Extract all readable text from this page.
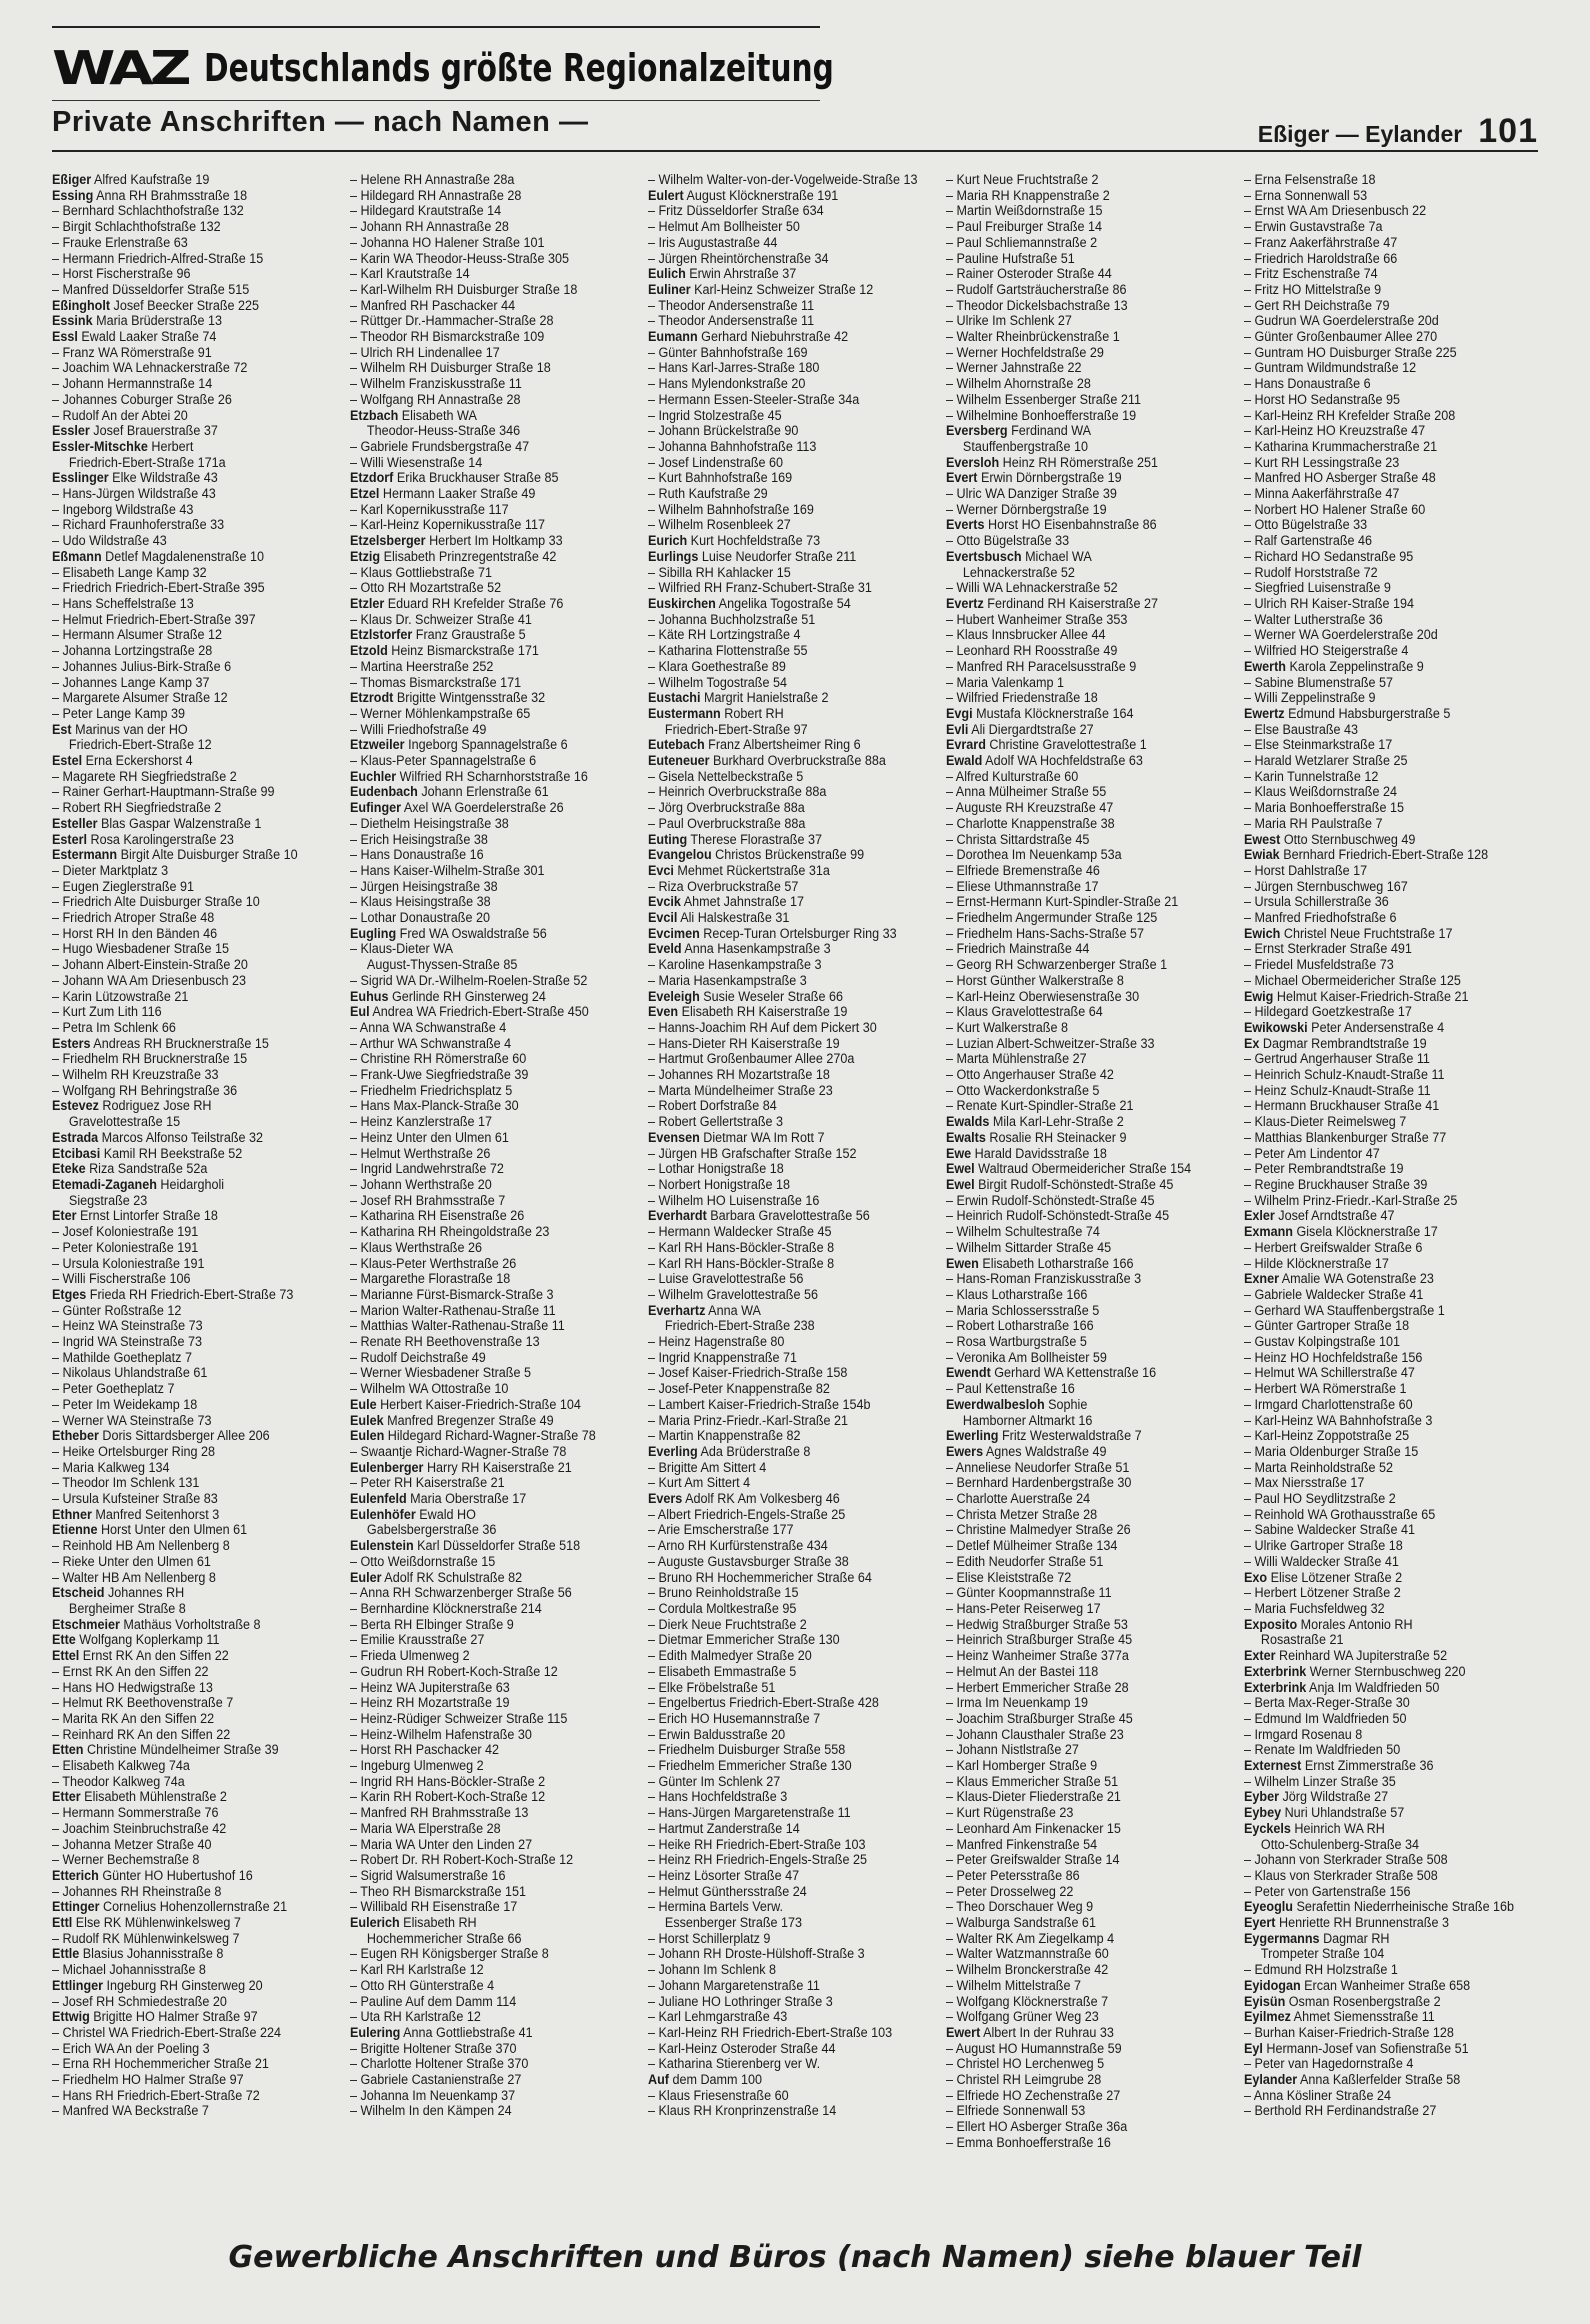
WAZ Deutschlands größte Regionalzeitung
Private Anschriften — nach Namen —	Eßiger — Eylander 101
Eßiger Alfred Kaufstraße 19
Essing Anna RH Brahmsstraße 18
– Bernhard Schlachthofstraße 132
– Birgit Schlachthofstraße 132
– Frauke Erlenstraße 63
– Hermann Friedrich-Alfred-Straße 15
– Horst Fischerstraße 96
– Manfred Düsseldorfer Straße 515
Eßingholt Josef Beecker Straße 225
Essink Maria Brüderstraße 13
Essl Ewald Laaker Straße 74
– Franz WA Römerstraße 91
– Joachim WA Lehnackerstraße 72
– Johann Hermannstraße 14
– Johannes Coburger Straße 26
– Rudolf An der Abtei 20
Essler Josef Brauerstraße 37
Essler-Mitschke Herbert
Friedrich-Ebert-Straße 171a
Esslinger Elke Wildstraße 43
– Hans-Jürgen Wildstraße 43
– Ingeborg Wildstraße 43
– Richard Fraunhoferstraße 33
– Udo Wildstraße 43
Eßmann Detlef Magdalenenstraße 10
– Elisabeth Lange Kamp 32
– Friedrich Friedrich-Ebert-Straße 395
– Hans Scheffelstraße 13
– Helmut Friedrich-Ebert-Straße 397
– Hermann Alsumer Straße 12
– Johanna Lortzingstraße 28
– Johannes Julius-Birk-Straße 6
– Johannes Lange Kamp 37
– Margarete Alsumer Straße 12
– Peter Lange Kamp 39
Est Marinus van der HO
Friedrich-Ebert-Straße 12
Estel Erna Eckershorst 4
– Magarete RH Siegfriedstraße 2
– Rainer Gerhart-Hauptmann-Straße 99
– Robert RH Siegfriedstraße 2
Esteller Blas Gaspar Walzenstraße 1
Esterl Rosa Karolingerstraße 23
Estermann Birgit Alte Duisburger Straße 10
– Dieter Marktplatz 3
– Eugen Zieglerstraße 91
– Friedrich Alte Duisburger Straße 10
– Friedrich Atroper Straße 48
– Horst RH In den Bänden 46
– Hugo Wiesbadener Straße 15
– Johann Albert-Einstein-Straße 20
– Johann WA Am Driesenbusch 23
– Karin Lützowstraße 21
– Kurt Zum Lith 116
– Petra Im Schlenk 66
Esters Andreas RH Brucknerstraße 15
– Friedhelm RH Brucknerstraße 15
– Wilhelm RH Kreuzstraße 33
– Wolfgang RH Behringstraße 36
Estevez Rodriguez Jose RH
Gravelottestraße 15
Estrada Marcos Alfonso Teilstraße 32
Etcibasi Kamil RH Beekstraße 52
Eteke Riza Sandstraße 52a
Etemadi-Zaganeh Heidargholi
Siegstraße 23
Eter Ernst Lintorfer Straße 18
– Josef Koloniestraße 191
– Peter Koloniestraße 191
– Ursula Koloniestraße 191
– Willi Fischerstraße 106
Etges Frieda RH Friedrich-Ebert-Straße 73
– Günter Roßstraße 12
– Heinz WA Steinstraße 73
– Ingrid WA Steinstraße 73
– Mathilde Goetheplatz 7
– Nikolaus Uhlandstraße 61
– Peter Goetheplatz 7
– Peter Im Weidekamp 18
– Werner WA Steinstraße 73
Etheber Doris Sittardsberger Allee 206
– Heike Ortelsburger Ring 28
– Maria Kalkweg 134
– Theodor Im Schlenk 131
– Ursula Kufsteiner Straße 83
Ethner Manfred Seitenhorst 3
Etienne Horst Unter den Ulmen 61
– Reinhold HB Am Nellenberg 8
– Rieke Unter den Ulmen 61
– Walter HB Am Nellenberg 8
Etscheid Johannes RH
Bergheimer Straße 8
Etschmeier Mathäus Vorholtstraße 8
Ette Wolfgang Koplerkamp 11
Ettel Ernst RK An den Siffen 22
– Ernst RK An den Siffen 22
– Hans HO Hedwigstraße 13
– Helmut RK Beethovenstraße 7
– Marita RK An den Siffen 22
– Reinhard RK An den Siffen 22
Etten Christine Mündelheimer Straße 39
– Elisabeth Kalkweg 74a
– Theodor Kalkweg 74a
Etter Elisabeth Mühlenstraße 2
– Hermann Sommerstraße 76
– Joachim Steinbruchstraße 42
– Johanna Metzer Straße 40
– Werner Bechemstraße 8
Etterich Günter HO Hubertushof 16
– Johannes RH Rheinstraße 8
Ettinger Cornelius Hohenzollernstraße 21
Ettl Else RK Mühlenwinkelsweg 7
– Rudolf RK Mühlenwinkelsweg 7
Ettle Blasius Johannisstraße 8
– Michael Johannisstraße 8
Ettlinger Ingeburg RH Ginsterweg 20
– Josef RH Schmiedestraße 20
Ettwig Brigitte HO Halmer Straße 97
– Christel WA Friedrich-Ebert-Straße 224
– Erich WA An der Poeling 3
– Erna RH Hochemmericher Straße 21
– Friedhelm HO Halmer Straße 97
– Hans RH Friedrich-Ebert-Straße 72
– Manfred WA Beckstraße 7
– Helene RH Annastraße 28a
– Hildegard RH Annastraße 28
– Hildegard Krautstraße 14
– Johann RH Annastraße 28
– Johanna HO Halener Straße 101
– Karin WA Theodor-Heuss-Straße 305
– Karl Krautstraße 14
– Karl-Wilhelm RH Duisburger Straße 18
– Manfred RH Paschacker 44
– Rüttger Dr.-Hammacher-Straße 28
– Theodor RH Bismarckstraße 109
– Ulrich RH Lindenallee 17
– Wilhelm RH Duisburger Straße 18
– Wilhelm Franziskusstraße 11
– Wolfgang RH Annastraße 28
Etzbach Elisabeth WA
Theodor-Heuss-Straße 346
– Gabriele Frundsbergstraße 47
– Willi Wiesenstraße 14
Etzdorf Erika Bruckhauser Straße 85
Etzel Hermann Laaker Straße 49
– Karl Kopernikusstraße 117
– Karl-Heinz Kopernikusstraße 117
Etzelsberger Herbert Im Holtkamp 33
Etzig Elisabeth Prinzregentstraße 42
– Klaus Gottliebstraße 71
– Otto RH Mozartstraße 52
Etzler Eduard RH Krefelder Straße 76
– Klaus Dr. Schweizer Straße 41
Etzlstorfer Franz Graustraße 5
Etzold Heinz Bismarckstraße 171
– Martina Heerstraße 252
– Thomas Bismarckstraße 171
Etzrodt Brigitte Wintgensstraße 32
– Werner Möhlenkampstraße 65
– Willi Friedhofstraße 49
Etzweiler Ingeborg Spannagelstraße 6
– Klaus-Peter Spannagelstraße 6
Euchler Wilfried RH Scharnhorststraße 16
Eudenbach Johann Erlenstraße 61
Eufinger Axel WA Goerdelerstraße 26
– Diethelm Heisingstraße 38
– Erich Heisingstraße 38
– Hans Donaustraße 16
– Hans Kaiser-Wilhelm-Straße 301
– Jürgen Heisingstraße 38
– Klaus Heisingstraße 38
– Lothar Donaustraße 20
Eugling Fred WA Oswaldstraße 56
– Klaus-Dieter WA
August-Thyssen-Straße 85
– Sigrid WA Dr.-Wilhelm-Roelen-Straße 52
Euhus Gerlinde RH Ginsterweg 24
Eul Andrea WA Friedrich-Ebert-Straße 450
– Anna WA Schwanstraße 4
– Arthur WA Schwanstraße 4
– Christine RH Römerstraße 60
– Frank-Uwe Siegfriedstraße 39
– Friedhelm Friedrichsplatz 5
– Hans Max-Planck-Straße 30
– Heinz Kanzlerstraße 17
– Heinz Unter den Ulmen 61
– Helmut Werthstraße 26
– Ingrid Landwehrstraße 72
– Johann Werthstraße 20
– Josef RH Brahmsstraße 7
– Katharina RH Eisenstraße 26
– Katharina RH Rheingoldstraße 23
– Klaus Werthstraße 26
– Klaus-Peter Werthstraße 26
– Margarethe Florastraße 18
– Marianne Fürst-Bismarck-Straße 3
– Marion Walter-Rathenau-Straße 11
– Matthias Walter-Rathenau-Straße 11
– Renate RH Beethovenstraße 13
– Rudolf Deichstraße 49
– Werner Wiesbadener Straße 5
– Wilhelm WA Ottostraße 10
Eule Herbert Kaiser-Friedrich-Straße 104
Eulek Manfred Bregenzer Straße 49
Eulen Hildegard Richard-Wagner-Straße 78
– Swaantje Richard-Wagner-Straße 78
Eulenberger Harry RH Kaiserstraße 21
– Peter RH Kaiserstraße 21
Eulenfeld Maria Oberstraße 17
Eulenhöfer Ewald HO
Gabelsbergerstraße 36
Eulenstein Karl Düsseldorfer Straße 518
– Otto Weißdornstraße 15
Euler Adolf RK Schulstraße 82
– Anna RH Schwarzenberger Straße 56
– Bernhardine Klöcknerstraße 214
– Berta RH Elbinger Straße 9
– Emilie Krausstraße 27
– Frieda Ulmenweg 2
– Gudrun RH Robert-Koch-Straße 12
– Heinz WA Jupiterstraße 63
– Heinz RH Mozartstraße 19
– Heinz-Rüdiger Schweizer Straße 115
– Heinz-Wilhelm Hafenstraße 30
– Horst RH Paschacker 42
– Ingeburg Ulmenweg 2
– Ingrid RH Hans-Böckler-Straße 2
– Karin RH Robert-Koch-Straße 12
– Manfred RH Brahmsstraße 13
– Maria WA Elperstraße 28
– Maria WA Unter den Linden 27
– Robert Dr. RH Robert-Koch-Straße 12
– Sigrid Walsumerstraße 16
– Theo RH Bismarckstraße 151
– Willibald RH Eisenstraße 17
Eulerich Elisabeth RH
Hochemmericher Straße 66
– Eugen RH Königsberger Straße 8
– Karl RH Karlstraße 12
– Otto RH Günterstraße 4
– Pauline Auf dem Damm 114
– Uta RH Karlstraße 12
Eulering Anna Gottliebstraße 41
– Brigitte Holtener Straße 370
– Charlotte Holtener Straße 370
– Gabriele Castanienstraße 27
– Johanna Im Neuenkamp 37
– Wilhelm In den Kämpen 24
– Wilhelm Walter-von-der-Vogelweide-Straße 13
Eulert August Klöcknerstraße 191
– Fritz Düsseldorfer Straße 634
– Helmut Am Bollheister 50
– Iris Augustastraße 44
– Jürgen Rheintörchenstraße 34
Eulich Erwin Ahrstraße 37
Euliner Karl-Heinz Schweizer Straße 12
– Theodor Andersenstraße 11
– Theodor Andersenstraße 11
Eumann Gerhard Niebuhrstraße 42
– Günter Bahnhofstraße 169
– Hans Karl-Jarres-Straße 180
– Hans Mylendonkstraße 20
– Hermann Essen-Steeler-Straße 34a
– Ingrid Stolzestraße 45
– Johann Brückelstraße 90
– Johanna Bahnhofstraße 113
– Josef Lindenstraße 60
– Kurt Bahnhofstraße 169
– Ruth Kaufstraße 29
– Wilhelm Bahnhofstraße 169
– Wilhelm Rosenbleek 27
Eurich Kurt Hochfeldstraße 73
Eurlings Luise Neudorfer Straße 211
– Sibilla RH Kahlacker 15
– Wilfried RH Franz-Schubert-Straße 31
Euskirchen Angelika Togostraße 54
– Johanna Buchholzstraße 51
– Käte RH Lortzingstraße 4
– Katharina Flottenstraße 55
– Klara Goethestraße 89
– Wilhelm Togostraße 54
Eustachi Margrit Hanielstraße 2
Eustermann Robert RH
Friedrich-Ebert-Straße 97
Eutebach Franz Albertsheimer Ring 6
Euteneuer Burkhard Overbruckstraße 88a
– Gisela Nettelbeckstraße 5
– Heinrich Overbruckstraße 88a
– Jörg Overbruckstraße 88a
– Paul Overbruckstraße 88a
Euting Therese Florastraße 37
Evangelou Christos Brückenstraße 99
Evci Mehmet Rückertstraße 31a
– Riza Overbruckstraße 57
Evcik Ahmet Jahnstraße 17
Evcil Ali Halskestraße 31
Evcimen Recep-Turan Ortelsburger Ring 33
Eveld Anna Hasenkampstraße 3
– Karoline Hasenkampstraße 3
– Maria Hasenkampstraße 3
Eveleigh Susie Weseler Straße 66
Even Elisabeth RH Kaiserstraße 19
– Hanns-Joachim RH Auf dem Pickert 30
– Hans-Dieter RH Kaiserstraße 19
– Hartmut Großenbaumer Allee 270a
– Johannes RH Mozartstraße 18
– Marta Mündelheimer Straße 23
– Robert Dorfstraße 84
– Robert Gellertstraße 3
Evensen Dietmar WA Im Rott 7
– Jürgen HB Grafschafter Straße 152
– Lothar Honigstraße 18
– Norbert Honigstraße 18
– Wilhelm HO Luisenstraße 16
Everhardt Barbara Gravelottestraße 56
– Hermann Waldecker Straße 45
– Karl RH Hans-Böckler-Straße 8
– Karl RH Hans-Böckler-Straße 8
– Luise Gravelottestraße 56
– Wilhelm Gravelottestraße 56
Everhartz Anna WA
Friedrich-Ebert-Straße 238
– Heinz Hagenstraße 80
– Ingrid Knappenstraße 71
– Josef Kaiser-Friedrich-Straße 158
– Josef-Peter Knappenstraße 82
– Lambert Kaiser-Friedrich-Straße 154b
– Maria Prinz-Friedr.-Karl-Straße 21
– Martin Knappenstraße 82
Everling Ada Brüderstraße 8
– Brigitte Am Sittert 4
– Kurt Am Sittert 4
Evers Adolf RK Am Volkesberg 46
– Albert Friedrich-Engels-Straße 25
– Arie Emscherstraße 177
– Arno RH Kurfürstenstraße 434
– Auguste Gustavsburger Straße 38
– Bruno RH Hochemmericher Straße 64
– Bruno Reinholdstraße 15
– Cordula Moltkestraße 95
– Dierk Neue Fruchtstraße 2
– Dietmar Emmericher Straße 130
– Edith Malmedyer Straße 20
– Elisabeth Emmastraße 5
– Elke Fröbelstraße 51
– Engelbertus Friedrich-Ebert-Straße 428
– Erich HO Husemannstraße 7
– Erwin Baldusstraße 20
– Friedhelm Duisburger Straße 558
– Friedhelm Emmericher Straße 130
– Günter Im Schlenk 27
– Hans Hochfeldstraße 3
– Hans-Jürgen Margaretenstraße 11
– Hartmut Zanderstraße 14
– Heike RH Friedrich-Ebert-Straße 103
– Heinz RH Friedrich-Engels-Straße 25
– Heinz Lösorter Straße 47
– Helmut Günthersstraße 24
– Hermina Bartels Verw.
Essenberger Straße 173
– Horst Schillerplatz 9
– Johann RH Droste-Hülshoff-Straße 3
– Johann Im Schlenk 8
– Johann Margaretenstraße 11
– Juliane HO Lothringer Straße 3
– Karl Lehmgarstraße 43
– Karl-Heinz RH Friedrich-Ebert-Straße 103
– Karl-Heinz Osteroder Straße 44
– Katharina Stierenberg ver W.
Auf dem Damm 100
– Klaus Friesenstraße 60
– Klaus RH Kronprinzenstraße 14
– Kurt Neue Fruchtstraße 2
– Maria RH Knappenstraße 2
– Martin Weißdornstraße 15
– Paul Freiburger Straße 14
– Paul Schliemannstraße 2
– Pauline Hufstraße 51
– Rainer Osteroder Straße 44
– Rudolf Gartsträucherstraße 86
– Theodor Dickelsbachstraße 13
– Ulrike Im Schlenk 27
– Walter Rheinbrückenstraße 1
– Werner Hochfeldstraße 29
– Werner Jahnstraße 22
– Wilhelm Ahornstraße 28
– Wilhelm Essenberger Straße 211
– Wilhelmine Bonhoefferstraße 19
Eversberg Ferdinand WA
Stauffenbergstraße 10
Eversloh Heinz RH Römerstraße 251
Evert Erwin Dörnbergstraße 19
– Ulric WA Danziger Straße 39
– Werner Dörnbergstraße 19
Everts Horst HO Eisenbahnstraße 86
– Otto Bügelstraße 33
Evertsbusch Michael WA
Lehnackerstraße 52
– Willi WA Lehnackerstraße 52
Evertz Ferdinand RH Kaiserstraße 27
– Hubert Wanheimer Straße 353
– Klaus Innsbrucker Allee 44
– Leonhard RH Roosstraße 49
– Manfred RH Paracelsusstraße 9
– Maria Valenkamp 1
– Wilfried Friedenstraße 18
Evgi Mustafa Klöcknerstraße 164
Evli Ali Diergardtstraße 27
Evrard Christine Gravelottestraße 1
Ewald Adolf WA Hochfeldstraße 63
– Alfred Kulturstraße 60
– Anna Mülheimer Straße 55
– Auguste RH Kreuzstraße 47
– Charlotte Knappenstraße 38
– Christa Sittardstraße 45
– Dorothea Im Neuenkamp 53a
– Elfriede Bremenstraße 46
– Eliese Uthmannstraße 17
– Ernst-Hermann Kurt-Spindler-Straße 21
– Friedhelm Angermunder Straße 125
– Friedhelm Hans-Sachs-Straße 57
– Friedrich Mainstraße 44
– Georg RH Schwarzenberger Straße 1
– Horst Günther Walkerstraße 8
– Karl-Heinz Oberwiesenstraße 30
– Klaus Gravelottestraße 64
– Kurt Walkerstraße 8
– Luzian Albert-Schweitzer-Straße 33
– Marta Mühlenstraße 27
– Otto Angerhauser Straße 42
– Otto Wackerdonkstraße 5
– Renate Kurt-Spindler-Straße 21
Ewalds Mila Karl-Lehr-Straße 2
Ewalts Rosalie RH Steinacker 9
Ewe Harald Davidsstraße 18
Ewel Waltraud Obermeidericher Straße 154
Ewel Birgit Rudolf-Schönstedt-Straße 45
– Erwin Rudolf-Schönstedt-Straße 45
– Heinrich Rudolf-Schönstedt-Straße 45
– Wilhelm Schultestraße 74
– Wilhelm Sittarder Straße 45
Ewen Elisabeth Lotharstraße 166
– Hans-Roman Franziskusstraße 3
– Klaus Lotharstraße 166
– Maria Schlossersstraße 5
– Robert Lotharstraße 166
– Rosa Wartburgstraße 5
– Veronika Am Bollheister 59
Ewendt Gerhard WA Kettenstraße 16
– Paul Kettenstraße 16
Ewerdwalbesloh Sophie
Hamborner Altmarkt 16
Ewerling Fritz Westerwaldstraße 7
Ewers Agnes Waldstraße 49
– Anneliese Neudorfer Straße 51
– Bernhard Hardenbergstraße 30
– Charlotte Auerstraße 24
– Christa Metzer Straße 28
– Christine Malmedyer Straße 26
– Detlef Mülheimer Straße 134
– Edith Neudorfer Straße 51
– Elise Kleiststraße 72
– Günter Koopmannstraße 11
– Hans-Peter Reiserweg 17
– Hedwig Straßburger Straße 53
– Heinrich Straßburger Straße 45
– Heinz Wanheimer Straße 377a
– Helmut An der Bastei 118
– Herbert Emmericher Straße 28
– Irma Im Neuenkamp 19
– Joachim Straßburger Straße 45
– Johann Clausthaler Straße 23
– Johann Nistlstraße 27
– Karl Homberger Straße 9
– Klaus Emmericher Straße 51
– Klaus-Dieter Fliederstraße 21
– Kurt Rügenstraße 23
– Leonhard Am Finkenacker 15
– Manfred Finkenstraße 54
– Peter Greifswalder Straße 14
– Peter Petersstraße 86
– Peter Drosselweg 22
– Theo Dorschauer Weg 9
– Walburga Sandstraße 61
– Walter RK Am Ziegelkamp 4
– Walter Watzmannstraße 60
– Wilhelm Bronckerstraße 42
– Wilhelm Mittelstraße 7
– Wolfgang Klöcknerstraße 7
– Wolfgang Grüner Weg 23
Ewert Albert In der Ruhrau 33
– August HO Humannstraße 59
– Christel HO Lerchenweg 5
– Christel RH Leimgrube 28
– Elfriede HO Zechenstraße 27
– Elfriede Sonnenwall 53
– Ellert HO Asberger Straße 36a
– Emma Bonhoefferstraße 16
– Erna Felsenstraße 18
– Erna Sonnenwall 53
– Ernst WA Am Driesenbusch 22
– Erwin Gustavstraße 7a
– Franz Aakerfährstraße 47
– Friedrich Haroldstraße 66
– Fritz Eschenstraße 74
– Fritz HO Mittelstraße 9
– Gert RH Deichstraße 79
– Gudrun WA Goerdelerstraße 20d
– Günter Großenbaumer Allee 270
– Guntram HO Duisburger Straße 225
– Guntram Wildmundstraße 12
– Hans Donaustraße 6
– Horst HO Sedanstraße 95
– Karl-Heinz RH Krefelder Straße 208
– Karl-Heinz HO Kreuzstraße 47
– Katharina Krummacherstraße 21
– Kurt RH Lessingstraße 23
– Manfred HO Asberger Straße 48
– Minna Aakerfährstraße 47
– Norbert HO Halener Straße 60
– Otto Bügelstraße 33
– Ralf Gartenstraße 46
– Richard HO Sedanstraße 95
– Rudolf Horststraße 72
– Siegfried Luisenstraße 9
– Ulrich RH Kaiser-Straße 194
– Walter Lutherstraße 36
– Werner WA Goerdelerstraße 20d
– Wilfried HO Steigerstraße 4
Ewerth Karola Zeppelinstraße 9
– Sabine Blumenstraße 57
– Willi Zeppelinstraße 9
Ewertz Edmund Habsburgerstraße 5
– Else Baustraße 43
– Else Steinmarkstraße 17
– Harald Wetzlarer Straße 25
– Karin Tunnelstraße 12
– Klaus Weißdornstraße 24
– Maria Bonhoefferstraße 15
– Maria RH Paulstraße 7
Ewest Otto Sternbuschweg 49
Ewiak Bernhard Friedrich-Ebert-Straße 128
– Horst Dahlstraße 17
– Jürgen Sternbuschweg 167
– Ursula Schillerstraße 36
– Manfred Friedhofstraße 6
Ewich Christel Neue Fruchtstraße 17
– Ernst Sterkrader Straße 491
– Friedel Musfeldstraße 73
– Michael Obermeidericher Straße 125
Ewig Helmut Kaiser-Friedrich-Straße 21
– Hildegard Goetzkestraße 17
Ewikowski Peter Andersenstraße 4
Ex Dagmar Rembrandtstraße 19
– Gertrud Angerhauser Straße 11
– Heinrich Schulz-Knaudt-Straße 11
– Heinz Schulz-Knaudt-Straße 11
– Hermann Bruckhauser Straße 41
– Klaus-Dieter Reimelsweg 7
– Matthias Blankenburger Straße 77
– Peter Am Lindentor 47
– Peter Rembrandtstraße 19
– Regine Bruckhauser Straße 39
– Wilhelm Prinz-Friedr.-Karl-Straße 25
Exler Josef Arndtstraße 47
Exmann Gisela Klöcknerstraße 17
– Herbert Greifswalder Straße 6
– Hilde Klöcknerstraße 17
Exner Amalie WA Gotenstraße 23
– Gabriele Waldecker Straße 41
– Gerhard WA Stauffenbergstraße 1
– Günter Gartroper Straße 18
– Gustav Kolpingstraße 101
– Heinz HO Hochfeldstraße 156
– Helmut WA Schillerstraße 47
– Herbert WA Römerstraße 1
– Irmgard Charlottenstraße 60
– Karl-Heinz WA Bahnhofstraße 3
– Karl-Heinz Zoppotstraße 25
– Maria Oldenburger Straße 15
– Marta Reinholdstraße 52
– Max Niersstraße 17
– Paul HO Seydlitzstraße 2
– Reinhold WA Grothausstraße 65
– Sabine Waldecker Straße 41
– Ulrike Gartroper Straße 18
– Willi Waldecker Straße 41
Exo Elise Lötzener Straße 2
– Herbert Lötzener Straße 2
– Maria Fuchsfeldweg 32
Exposito Morales Antonio RH
Rosastraße 21
Exter Reinhard WA Jupiterstraße 52
Exterbrink Werner Sternbuschweg 220
Exterbrink Anja Im Waldfrieden 50
– Berta Max-Reger-Straße 30
– Edmund Im Waldfrieden 50
– Irmgard Rosenau 8
– Renate Im Waldfrieden 50
Externest Ernst Zimmerstraße 36
– Wilhelm Linzer Straße 35
Eyber Jörg Wildstraße 27
Eybey Nuri Uhlandstraße 57
Eyckels Heinrich WA RH
Otto-Schulenberg-Straße 34
– Johann von Sterkrader Straße 508
– Klaus von Sterkrader Straße 508
– Peter von Gartenstraße 156
Eyeoglu Serafettin Niederrheinische Straße 16b
Eyert Henriette RH Brunnenstraße 3
Eygermanns Dagmar RH
Trompeter Straße 104
– Edmund RH Holzstraße 1
Eyidogan Ercan Wanheimer Straße 658
Eyisün Osman Rosenbergstraße 2
Eyilmez Ahmet Siemensstraße 11
– Burhan Kaiser-Friedrich-Straße 128
Eyl Hermann-Josef van Sofienstraße 51
– Peter van Hagedornstraße 4
Eylander Anna Kaßlerfelder Straße 58
– Anna Kösliner Straße 24
– Berthold RH Ferdinandstraße 27
Gewerbliche Anschriften und Büros (nach Namen) siehe blauer Teil
